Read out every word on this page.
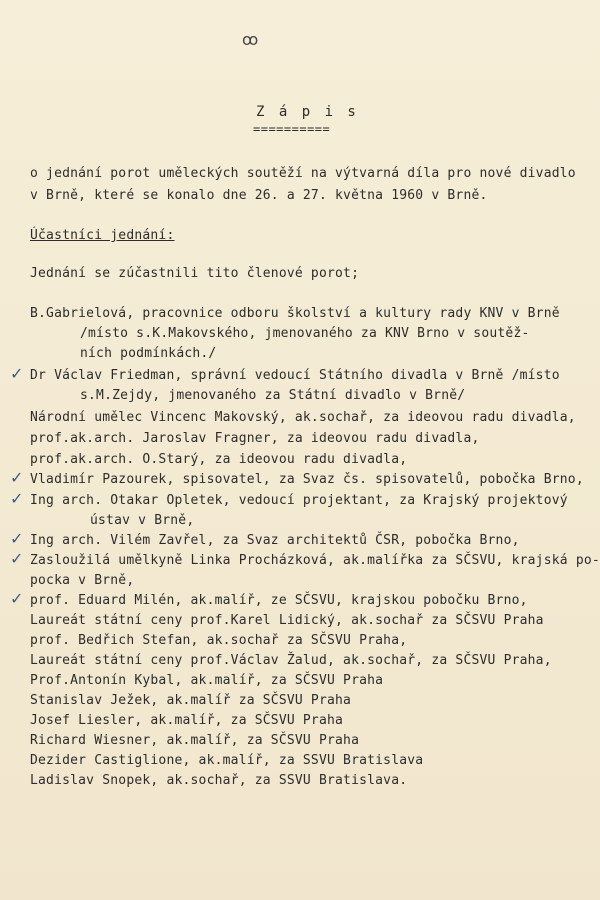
ꝏ
Z á p i s
==========
o jednání porot uměleckých soutěží na výtvarná díla pro nové divadlo
v Brně, které se konalo dne 26. a 27. května 1960 v Brně.
Účastníci jednání:
Jednání se zúčastnili tito členové porot;
B.Gabrielová, pracovnice odboru školství a kultury rady KNV v Brně
/místo s.K.Makovského, jmenovaného za KNV Brno v soutěž-
ních podmínkách./
✓ Dr Václav Friedman, správní vedoucí Státního divadla v Brně /místo
s.M.Zejdy, jmenovaného za Státní divadlo v Brně/
Národní umělec Vincenc Makovský, ak.sochař, za ideovou radu divadla,
prof.ak.arch. Jaroslav Fragner, za ideovou radu divadla,
prof.ak.arch. O.Starý, za ideovou radu divadla,
✓ Vladimír Pazourek, spisovatel, za Svaz čs. spisovatelů, pobočka Brno,
✓ Ing arch. Otakar Opletek, vedoucí projektant, za Krajský projektový
ústav v Brně,
✓ Ing arch. Vilém Zavřel, za Svaz architektů ČSR, pobočka Brno,
✓ Zasloužilá umělkyně Linka Procházková, ak.malířka za SČSVU, krajská po-
pocka v Brně,
✓ prof. Eduard Milén, ak.malíř, ze SČSVU, krajskou pobočku Brno,
Laureát státní ceny prof.Karel Lidický, ak.sochař za SČSVU Praha
prof. Bedřich Stefan, ak.sochař za SČSVU Praha,
Laureát státní ceny prof.Václav Žalud, ak.sochař, za SČSVU Praha,
Prof.Antonín Kybal, ak.malíř, za SČSVU Praha
Stanislav Ježek, ak.malíř za SČSVU Praha
Josef Liesler, ak.malíř, za SČSVU Praha
Richard Wiesner, ak.malíř, za SČSVU Praha
Dezider Castiglione, ak.malíř, za SSVU Bratislava
Ladislav Snopek, ak.sochař, za SSVU Bratislava.
